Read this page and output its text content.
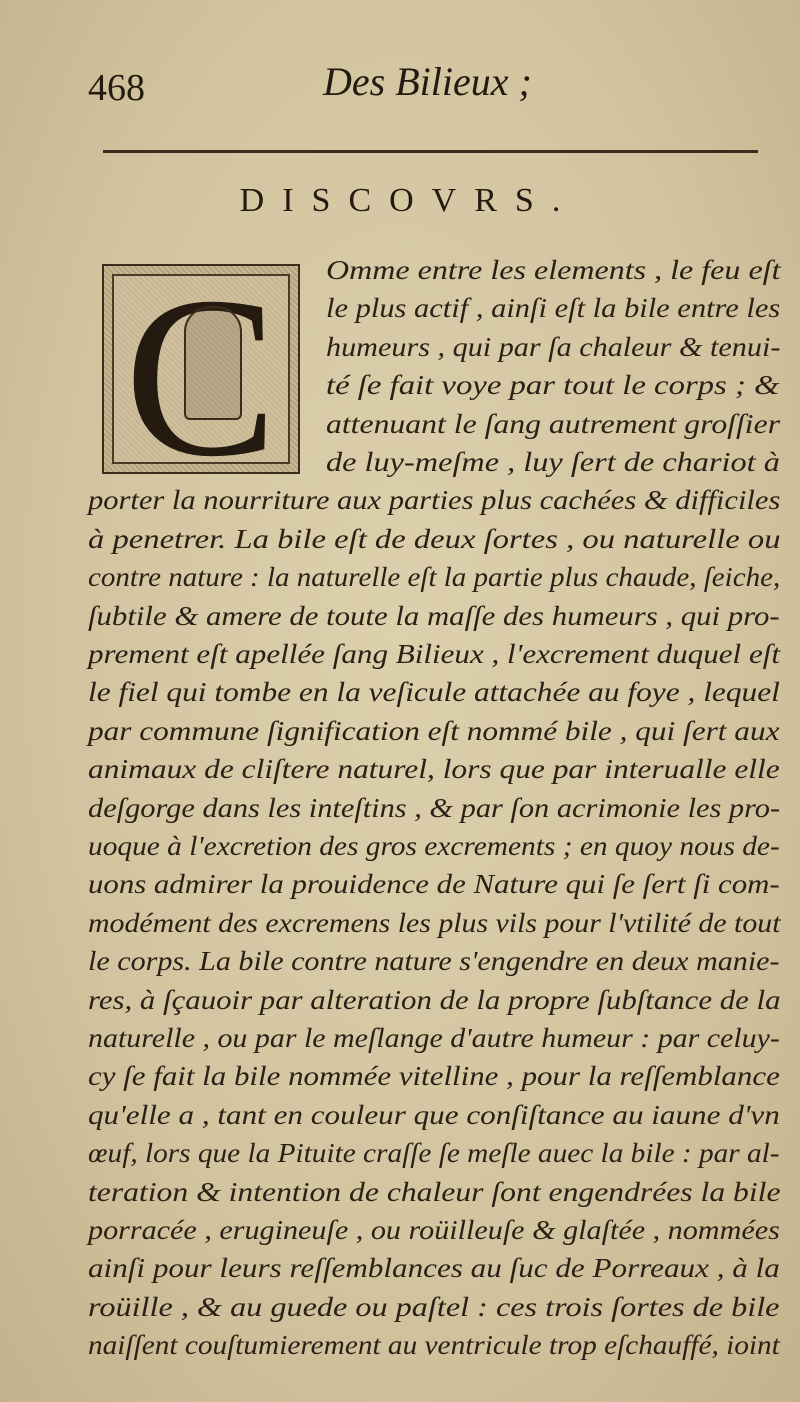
468	Des Bilieux ;
DISCOVRS.
C	Omme entre les elements , le feu eſt
le plus actif , ainſi eſt la bile entre les
humeurs , qui par ſa chaleur & tenui-
té ſe fait voye par tout le corps ; &
attenuant le ſang autrement groſſier
de luy-meſme , luy ſert de chariot à
porter la nourriture aux parties plus cachées & difficiles
à penetrer. La bile eſt de deux ſortes , ou naturelle ou
contre nature : la naturelle eſt la partie plus chaude, ſeiche,
ſubtile & amere de toute la maſſe des humeurs , qui pro-
prement eſt apellée ſang Bilieux , l'excrement duquel eſt
le fiel qui tombe en la veſicule attachée au foye , lequel
par commune ſignification eſt nommé bile , qui ſert aux
animaux de cliſtere naturel, lors que par interualle elle
deſgorge dans les inteſtins , & par ſon acrimonie les pro-
uoque à l'excretion des gros excrements ; en quoy nous de-
uons admirer la prouidence de Nature qui ſe ſert ſi com-
modément des excremens les plus vils pour l'vtilité de tout
le corps. La bile contre nature s'engendre en deux manie-
res, à ſçauoir par alteration de la propre ſubſtance de la
naturelle , ou par le meſlange d'autre humeur : par celuy-
cy ſe fait la bile nommée vitelline , pour la reſſemblance
qu'elle a , tant en couleur que conſiſtance au iaune d'vn
œuf, lors que la Pituite craſſe ſe meſle auec la bile : par al-
teration & intention de chaleur ſont engendrées la bile
porracée , erugineuſe , ou roüilleuſe & glaſtée , nommées
ainſi pour leurs reſſemblances au ſuc de Porreaux , à la
roüille , & au guede ou paſtel : ces trois ſortes de bile
naiſſent couſtumierement au ventricule trop eſchauffé, ioint
